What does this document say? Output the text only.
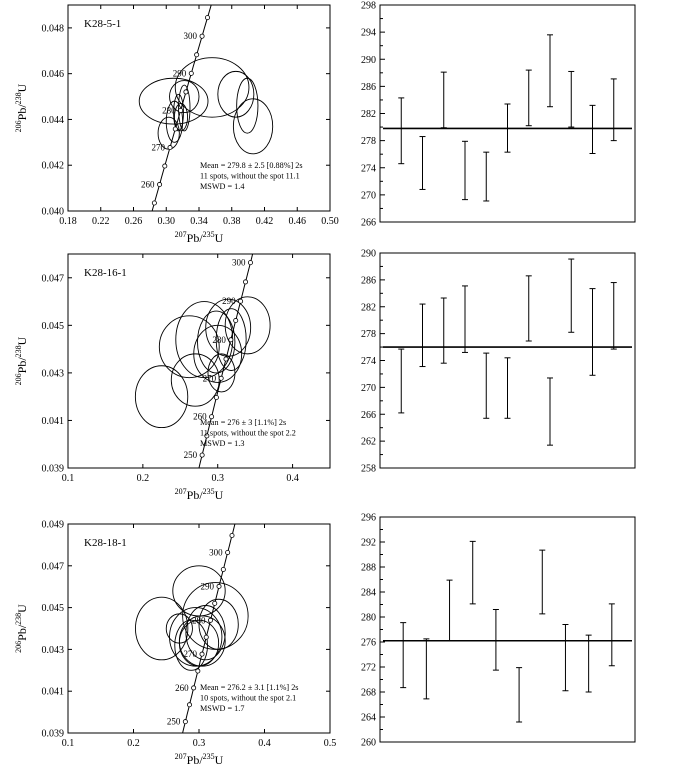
260
270
280
290
300
0.18 0.22 0.26 0.30 0.34 0.38 0.42 0.46 0.50
0.040
0.042
0.044
0.046
0.048 K28-5-1
Mean = 279.8 ± 2.5 [0.88%] 2s
11 spots, without the spot 11.1
MSWD = 1.4
$^{207}$Pb/$^{235}$U
$^{206}$Pb/$^{238}$U
266
270
274
278
282
286
290
294
298
250
260
270
280
290
300
0.1	0.2	0.3	0.4
0.039
0.041
0.043
0.045
0.047 K28-16-1
Mean = 276 ± 3 [1.1%] 2s
11 spots, without the spot 2.2
MSWD = 1.3
$^{207}$Pb/$^{235}$U
$^{206}$Pb/$^{238}$U
258
262
266
270
274
278
282
286
290
250
260
270
280
290
300
0.1	0.2	0.3	0.4	0.5
0.039
0.041
0.043
0.045
0.047
0.049
K28-18-1
Mean = 276.2 ± 3.1 [1.1%] 2s
10 spots, without the spot 2.1
MSWD = 1.7
$^{207}$Pb/$^{235}$U
$^{206}$Pb/$^{238}$U
260
264
268
272
276
280
284
288
292
296
